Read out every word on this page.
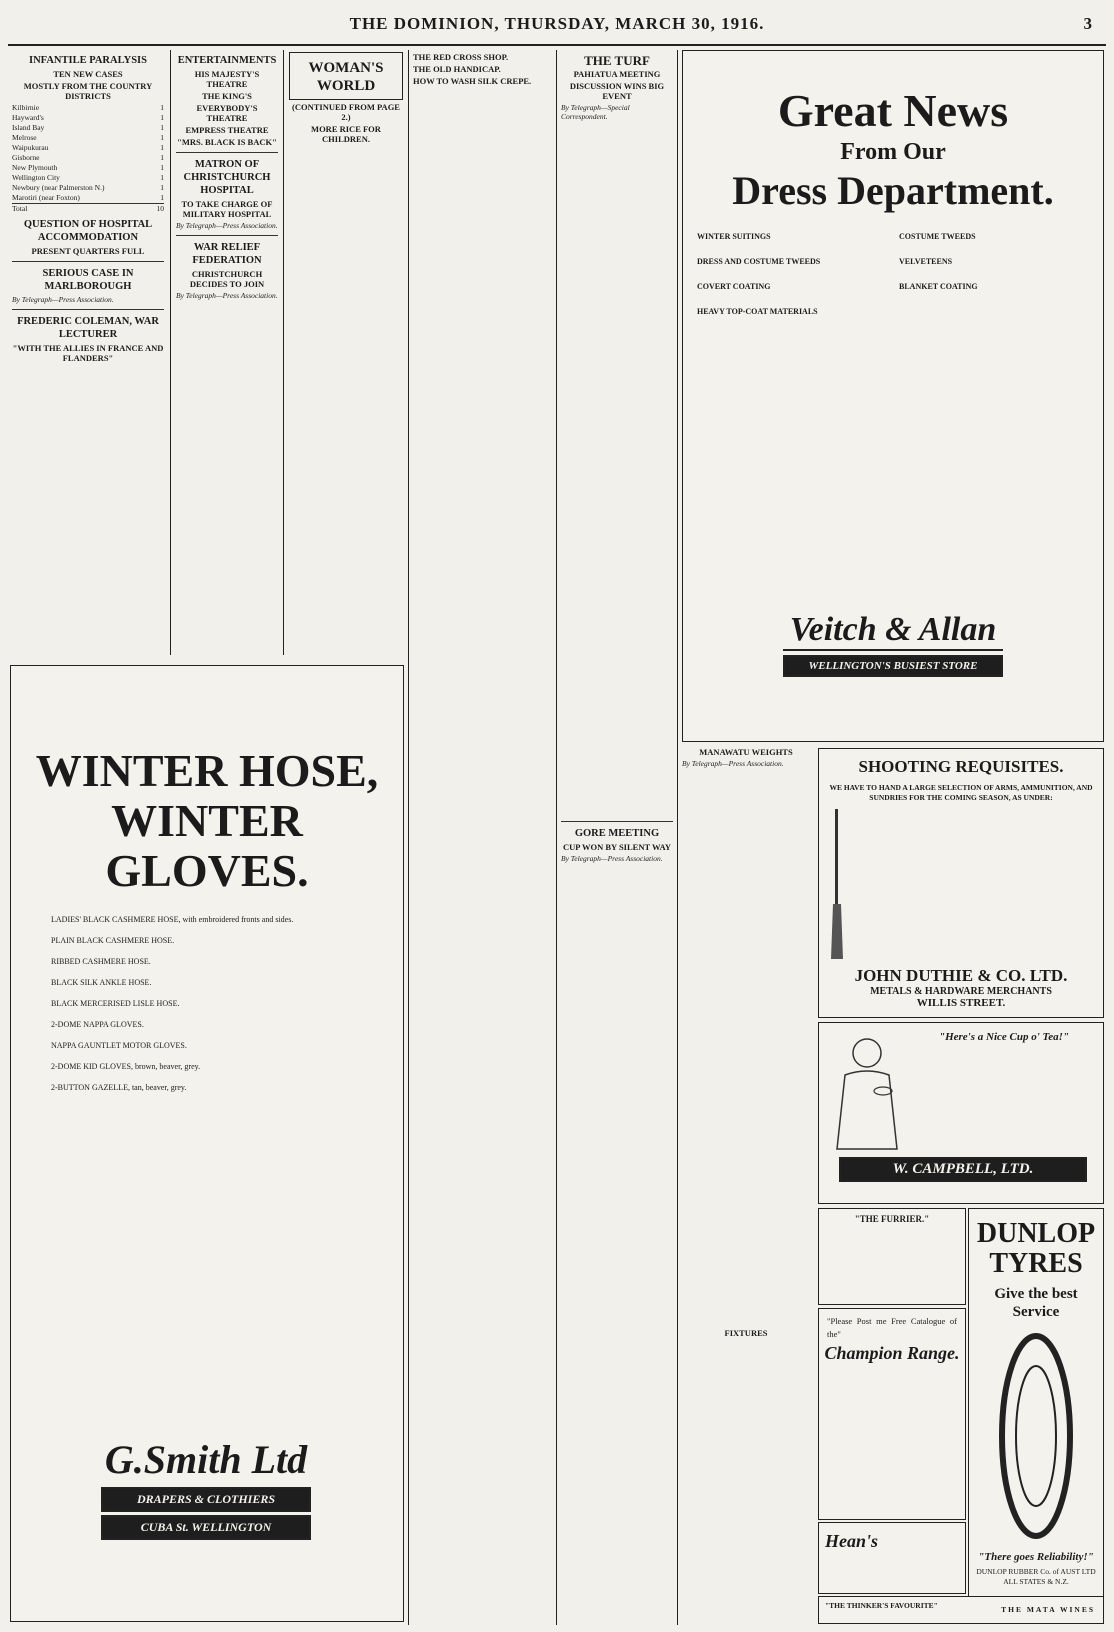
THE DOMINION, THURSDAY, MARCH 30, 1916.	3
INFANTILE PARALYSIS
TEN NEW CASES
MOSTLY FROM THE COUNTRY DISTRICTS
Kilbirnie	1
Hayward's	1
Island Bay	1
Melrose	1
Waipukurau	1
Gisborne	1
New Plymouth	1
Wellington City	1
Newbury (near Palmerston N.)	1
Marotiri (near Foxton)	1
Total	10
QUESTION OF HOSPITAL ACCOMMODATION
PRESENT QUARTERS FULL
SERIOUS CASE IN MARLBOROUGH
By Telegraph—Press Association.
FREDERIC COLEMAN, WAR LECTURER
"WITH THE ALLIES IN FRANCE AND FLANDERS"
ENTERTAINMENTS
HIS MAJESTY'S THEATRE
THE KING'S
EVERYBODY'S THEATRE
EMPRESS THEATRE
"MRS. BLACK IS BACK"
MATRON OF CHRISTCHURCH HOSPITAL
TO TAKE CHARGE OF MILITARY HOSPITAL
By Telegraph—Press Association.
WAR RELIEF FEDERATION
CHRISTCHURCH DECIDES TO JOIN
By Telegraph—Press Association.
WOMAN'S WORLD
(CONTINUED FROM PAGE 2.)
MORE RICE FOR CHILDREN.
THE RED CROSS SHOP.
THE OLD HANDICAP.
HOW TO WASH SILK CREPE.
THE TURF
PAHIATUA MEETING
DISCUSSION WINS BIG EVENT
By Telegraph—Special Correspondent.
GORE MEETING
CUP WON BY SILENT WAY
By Telegraph—Press Association.
MANAWATU WEIGHTS
By Telegraph—Press Association.
FIXTURES
WINTER HOSE,
WINTER GLOVES.
LADIES' BLACK CASHMERE HOSE, with embroidered fronts and sides.
PLAIN BLACK CASHMERE HOSE.
RIBBED CASHMERE HOSE.
BLACK SILK ANKLE HOSE.
BLACK MERCERISED LISLE HOSE.
2-DOME NAPPA GLOVES.
NAPPA GAUNTLET MOTOR GLOVES.
2-DOME KID GLOVES, brown, beaver, grey.
2-BUTTON GAZELLE, tan, beaver, grey.
G.Smith Ltd
DRAPERS & CLOTHIERS
CUBA St. WELLINGTON
Great News
From Our
Dress Department.
WINTER SUITINGS
DRESS AND COSTUME TWEEDS
COVERT COATING
HEAVY TOP-COAT MATERIALS
COSTUME TWEEDS
VELVETEENS
BLANKET COATING
Veitch & Allan
WELLINGTON'S BUSIEST STORE
SHOOTING REQUISITES.
WE HAVE TO HAND A LARGE SELECTION OF ARMS, AMMUNITION, AND SUNDRIES FOR THE COMING SEASON, AS UNDER:
JOHN DUTHIE & CO. LTD.
METALS & HARDWARE MERCHANTS
WILLIS STREET.
"Here's a Nice Cup o' Tea!"
W. CAMPBELL, LTD.
"THE FURRIER."	DUNLOP TYRES
Give the best Service
"There goes Reliability!"
DUNLOP RUBBER Co. of AUST LTD ALL STATES & N.Z.
"Please Post me Free Catalogue of the"
Champion Range.
Hean's
"THE THINKER'S FAVOURITE"	THE MATA WINES
